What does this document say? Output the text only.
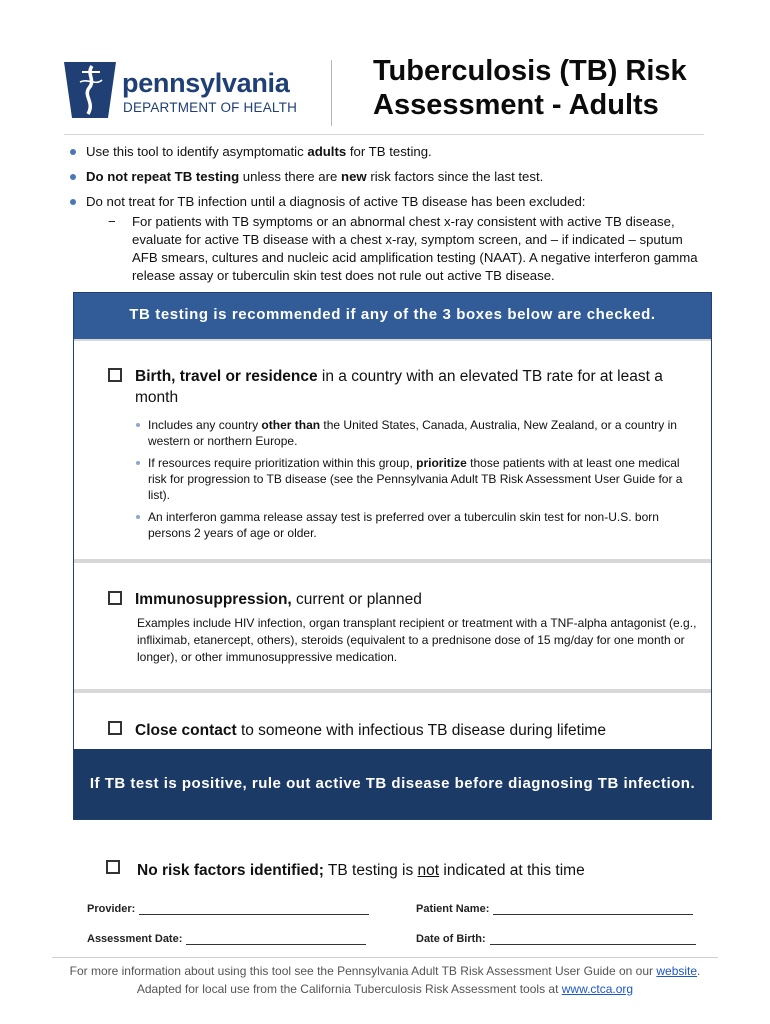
pennsylvania
DEPARTMENT OF HEALTH
Tuberculosis (TB) Risk
Assessment - Adults
Use this tool to identify asymptomatic adults for TB testing.
Do not repeat TB testing unless there are new risk factors since the last test.
Do not treat for TB infection until a diagnosis of active TB disease has been excluded:
− For patients with TB symptoms or an abnormal chest x-ray consistent with active TB disease, evaluate for active TB disease with a chest x-ray, symptom screen, and – if indicated – sputum AFB smears, cultures and nucleic acid amplification testing (NAAT). A negative interferon gamma release assay or tuberculin skin test does not rule out active TB disease.
TB testing is recommended if any of the 3 boxes below are checked.
Birth, travel or residence in a country with an elevated TB rate for at least a month
Includes any country other than the United States, Canada, Australia, New Zealand, or a country in western or northern Europe.
If resources require prioritization within this group, prioritize those patients with at least one medical risk for progression to TB disease (see the Pennsylvania Adult TB Risk Assessment User Guide for a list).
An interferon gamma release assay test is preferred over a tuberculin skin test for non-U.S. born persons 2 years of age or older.
Immunosuppression, current or planned
Examples include HIV infection, organ transplant recipient or treatment with a TNF-alpha antagonist (e.g., infliximab, etanercept, others), steroids (equivalent to a prednisone dose of 15 mg/day for one month or longer), or other immunosuppressive medication.
Close contact to someone with infectious TB disease during lifetime
If TB test is positive, rule out active TB disease before diagnosing TB infection.
No risk factors identified; TB testing is not indicated at this time
Provider:	Patient Name:
Assessment Date:	Date of Birth:
For more information about using this tool see the Pennsylvania Adult TB Risk Assessment User Guide on our website.
Adapted for local use from the California Tuberculosis Risk Assessment tools at www.ctca.org
